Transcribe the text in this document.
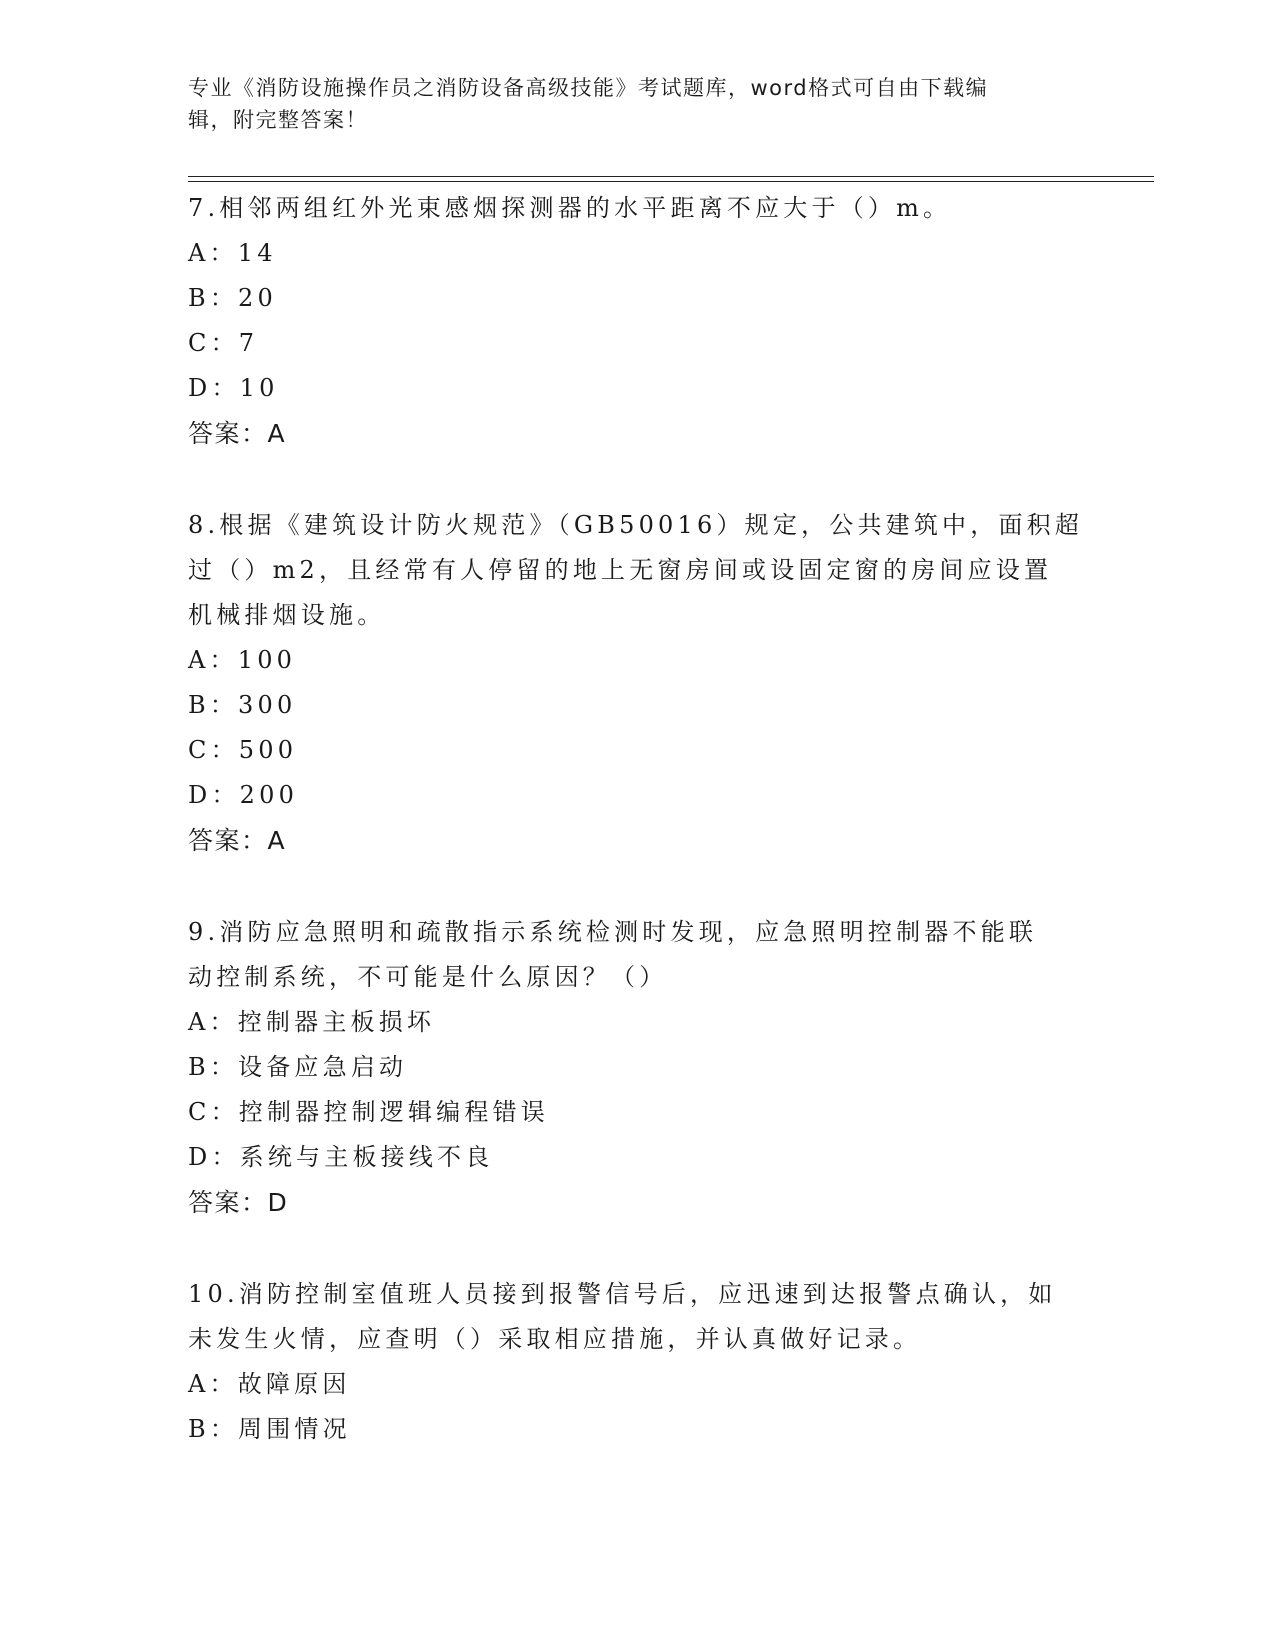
专业《消防设施操作员之消防设备高级技能》考试题库，word格式可自由下载编
辑，附完整答案！

7.相邻两组红外光束感烟探测器的水平距离不应大于（）m。

A：14

B：20

C：7

D：10

答案：A

8.根据《建筑设计防火规范》（GB50016）规定，公共建筑中，面积超

过（）m2，且经常有人停留的地上无窗房间或设固定窗的房间应设置

机械排烟设施。

A：100

B：300

C：500

D：200

答案：A

9.消防应急照明和疏散指示系统检测时发现，应急照明控制器不能联

动控制系统，不可能是什么原因？（）

A：控制器主板损坏

B：设备应急启动

C：控制器控制逻辑编程错误

D：系统与主板接线不良

答案：D

10.消防控制室值班人员接到报警信号后，应迅速到达报警点确认，如

未发生火情，应查明（）采取相应措施，并认真做好记录。

A：故障原因

B：周围情况
